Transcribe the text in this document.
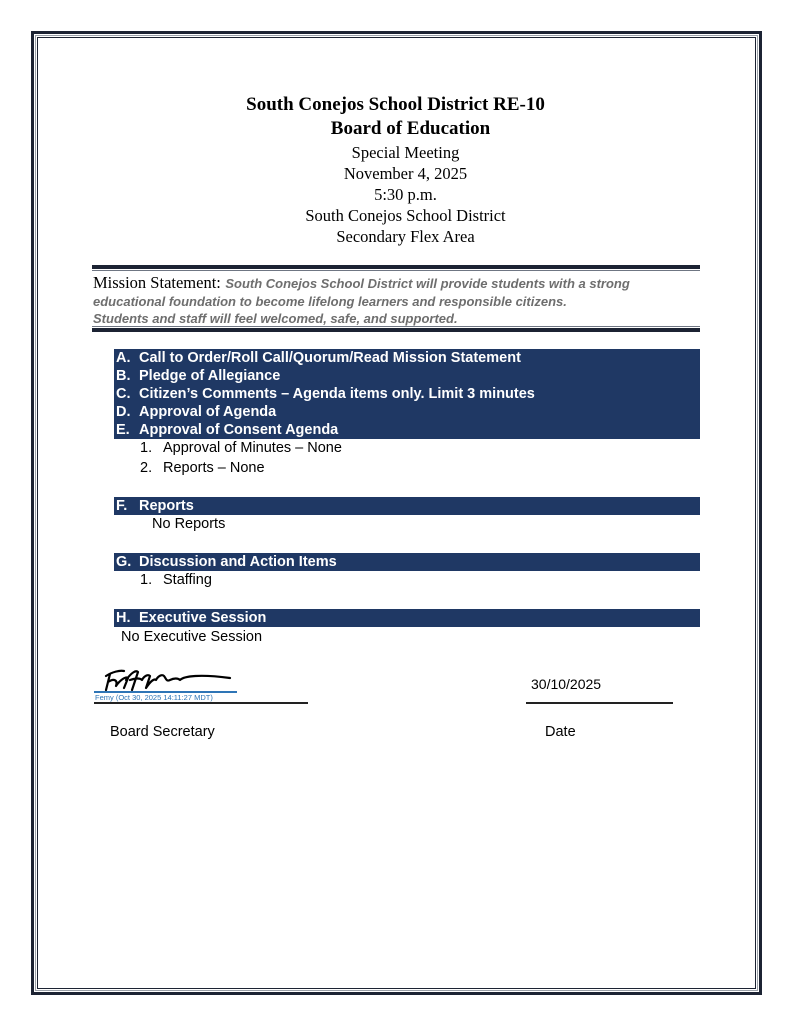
South Conejos School District RE-10
Board of Education
Special Meeting
November 4, 2025
5:30 p.m.
South Conejos School District
Secondary Flex Area
Mission Statement: South Conejos School District will provide students with a strong
educational foundation to become lifelong learners and responsible citizens.
Students and staff will feel welcomed, safe, and supported.
A. Call to Order/Roll Call/Quorum/Read Mission Statement
B. Pledge of Allegiance
C. Citizen’s Comments – Agenda items only. Limit 3 minutes
D. Approval of Agenda
E. Approval of Consent Agenda
1. Approval of Minutes – None
2. Reports – None
F. Reports
No Reports
G. Discussion and Action Items
1. Staffing
H. Executive Session
No Executive Session
Femy (Oct 30, 2025 14:11:27 MDT)
Board Secretary
30/10/2025
Date
